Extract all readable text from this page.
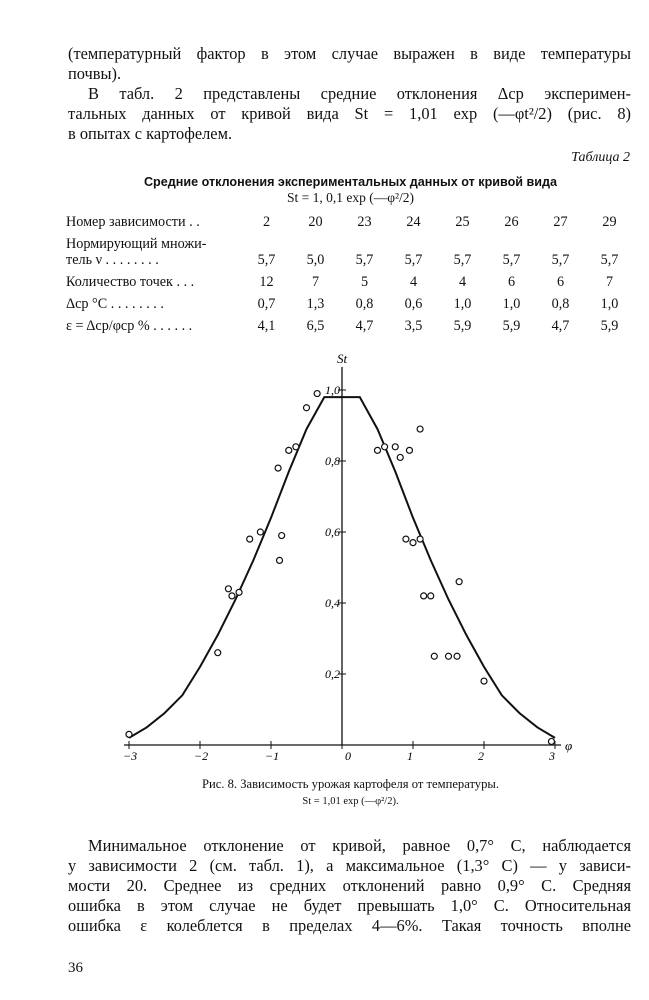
(температурный фактор в этом случае выражен в виде температуры
почвы).
В табл. 2 представлены средние отклонения Δср эксперимен-
тальных данных от кривой вида St = 1,01 exp (—φt²/2) (рис. 8)
в опытах с картофелем.
Таблица 2
Средние отклонения экспериментальных данных от кривой вида
St = 1, 0,1 exp (—φ²/2)
Номер зависимости . .	2	20	23	24	25	26	27	29
Нормирующий множи-								
тель ν . . . . . . . .	5,7	5,0	5,7	5,7	5,7	5,7	5,7	5,7
Количество точек . . .	12	7	5	4	4	6	6	7
Δср °С . . . . . . . .	0,7	1,3	0,8	0,6	1,0	1,0	0,8	1,0
ε = Δср/φср % . . . . . .	4,1	6,5	4,7	3,5	5,9	5,9	4,7	5,9
−3	−2	−1	0	1	2	3
0,2
0,4
0,6
0,8
1,0
St
φ
Рис. 8. Зависимость урожая картофеля от температуры.
St = 1,01 exp (—φ²/2).
Минимальное отклонение от кривой, равное 0,7° С, наблюдается
у зависимости 2 (см. табл. 1), а максимальное (1,3° С) — у зависи-
мости 20. Среднее из средних отклонений равно 0,9° С. Средняя
ошибка в этом случае не будет превышать 1,0° С. Относительная
ошибка ε колеблется в пределах 4—6%. Такая точность вполне
36
